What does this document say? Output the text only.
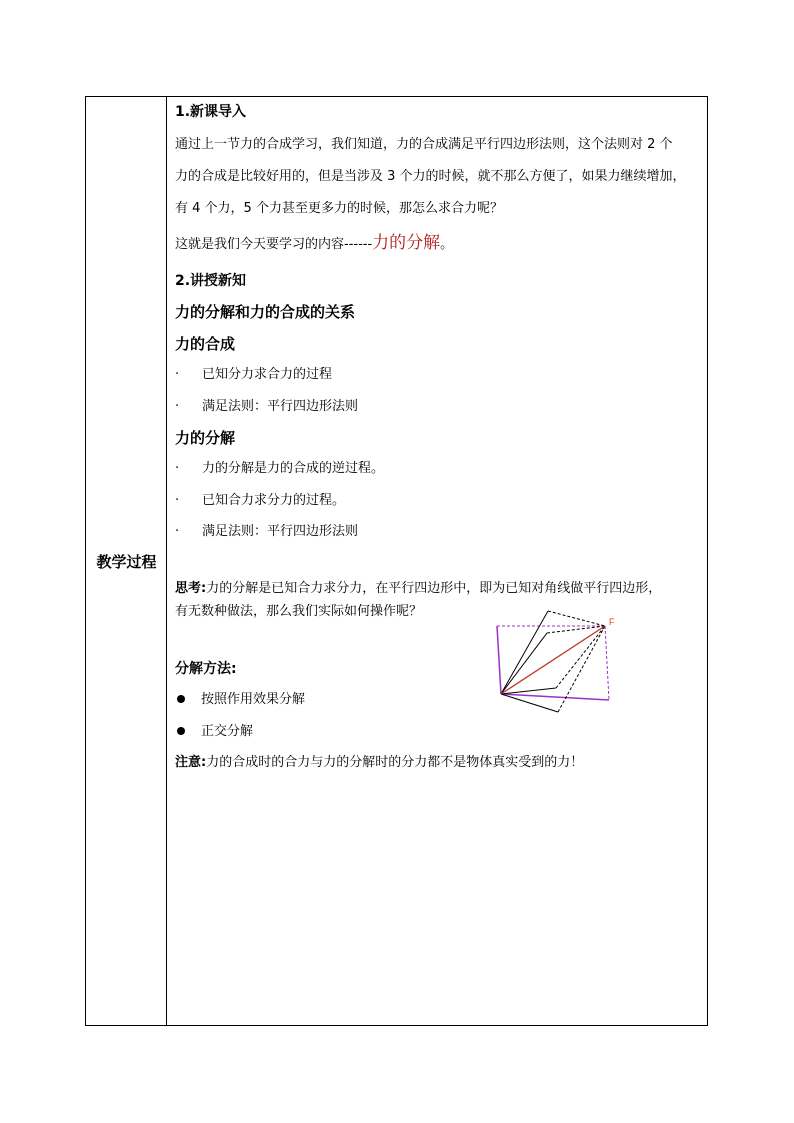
教学过程
1.新课导入
通过上一节力的合成学习，我们知道，力的合成满足平行四边形法则，这个法则对 2 个
力的合成是比较好用的，但是当涉及 3 个力的时候，就不那么方便了，如果力继续增加，
有 4 个力，5 个力甚至更多力的时候，那怎么求合力呢？
这就是我们今天要学习的内容------力的分解。
2.讲授新知
力的分解和力的合成的关系
力的合成
· 已知分力求合力的过程
· 满足法则：平行四边形法则
力的分解
· 力的分解是力的合成的逆过程。
· 已知合力求分力的过程。
· 满足法则：平行四边形法则
思考:力的分解是已知合力求分力，在平行四边形中，即为已知对角线做平行四边形，
有无数种做法，那么我们实际如何操作呢？
F
分解方法:
按照作用效果分解
正交分解
注意:力的合成时的合力与力的分解时的分力都不是物体真实受到的力！
